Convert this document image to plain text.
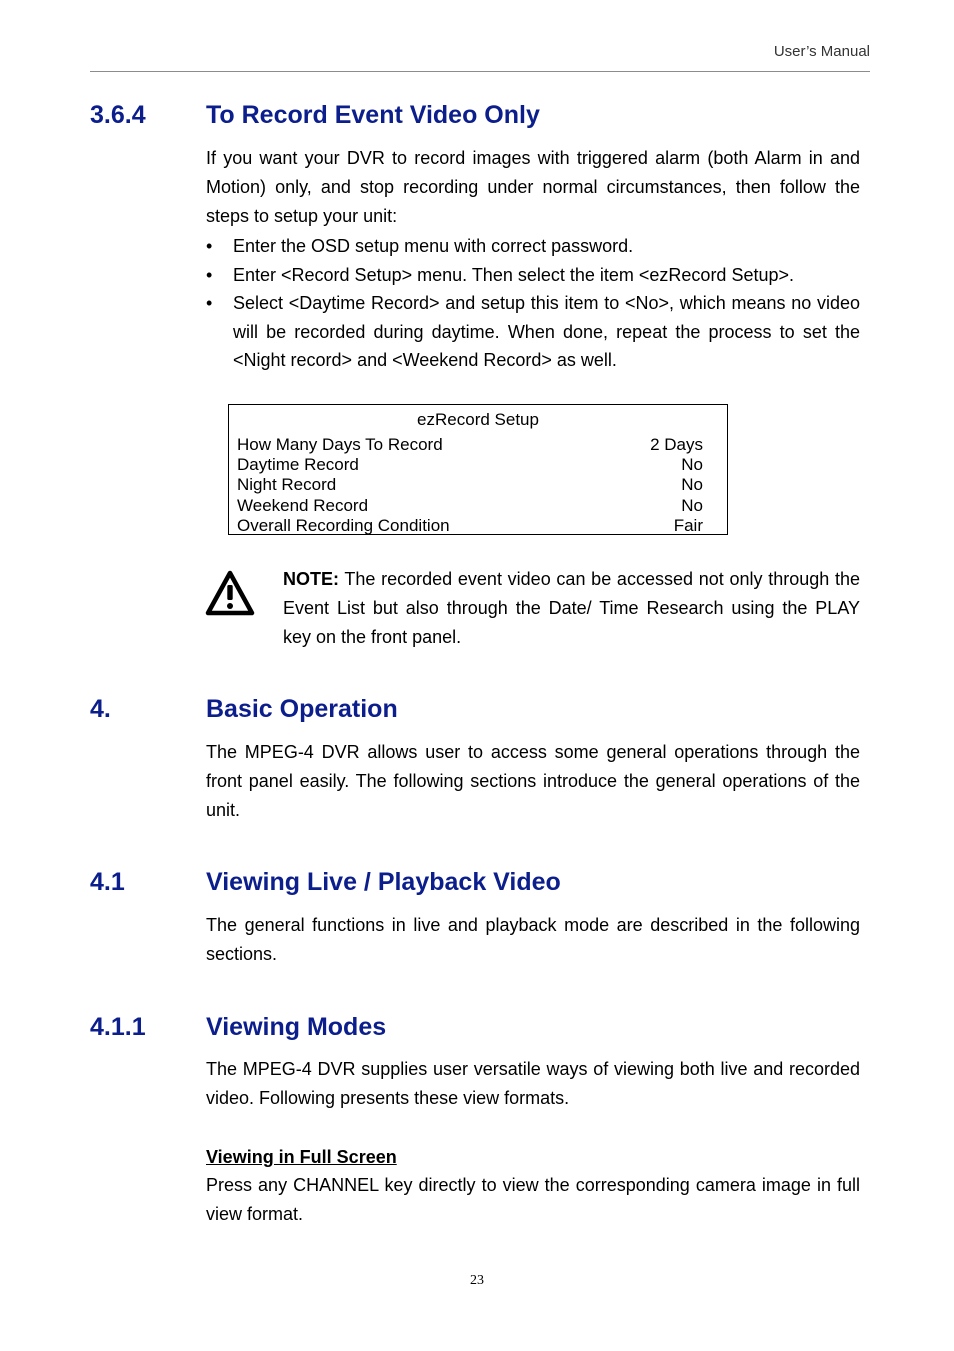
User’s Manual
3.6.4 To Record Event Video Only

If you want your DVR to record images with triggered alarm (both Alarm in and Motion) only, and stop recording under normal circumstances, then follow the steps to setup your unit:

• Enter the OSD setup menu with correct password.
• Enter <Record Setup> menu. Then select the item <ezRecord Setup>.
• Select <Daytime Record> and setup this item to <No>, which means no video will be recorded during daytime. When done, repeat the process to set the <Night record> and <Weekend Record> as well.
ezRecord Setup
How Many Days To Record	2 Days
Daytime Record	No
Night Record	No
Weekend Record	No
Overall Recording Condition	Fair

NOTE: The recorded event video can be accessed not only through the Event List but also through the Date/ Time Research using the PLAY key on the front panel.

4.	Basic Operation

The MPEG-4 DVR allows user to access some general operations through the front panel easily. The following sections introduce the general operations of the unit.

4.1	Viewing Live / Playback Video

The general functions in live and playback mode are described in the following sections.

4.1.1 Viewing Modes

The MPEG-4 DVR supplies user versatile ways of viewing both live and recorded video. Following presents these view formats.

Viewing in Full Screen

Press any CHANNEL key directly to view the corresponding camera image in full view format.

23
